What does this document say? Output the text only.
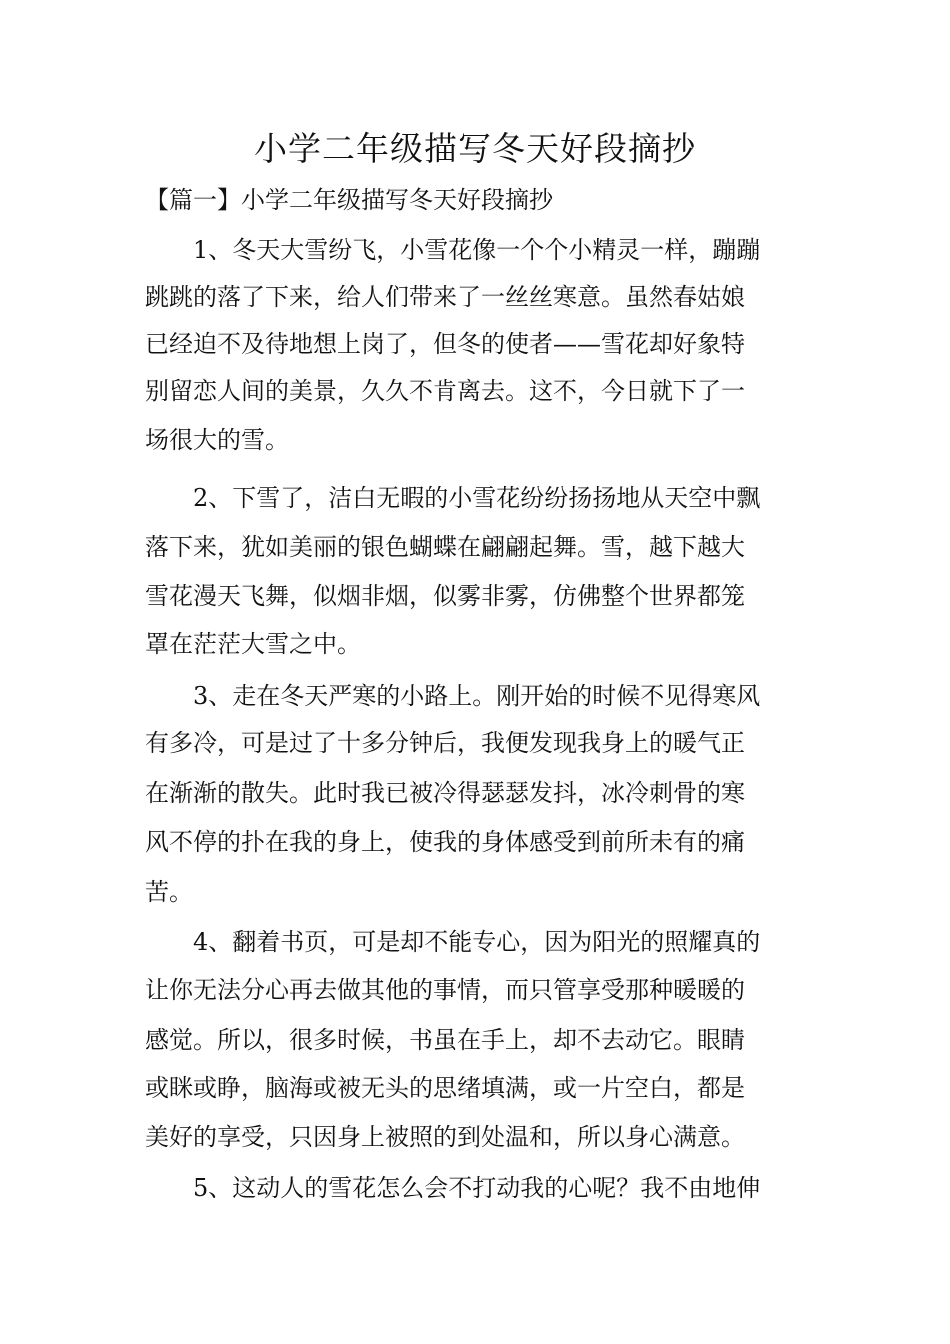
小学二年级描写冬天好段摘抄

【篇一】小学二年级描写冬天好段摘抄

1、冬天大雪纷飞，小雪花像一个个小精灵一样，蹦蹦

跳跳的落了下来，给人们带来了一丝丝寒意。虽然春姑娘

已经迫不及待地想上岗了，但冬的使者——雪花却好象特

别留恋人间的美景，久久不肯离去。这不，今日就下了一

场很大的雪。

2、下雪了，洁白无暇的小雪花纷纷扬扬地从天空中飘

落下来，犹如美丽的银色蝴蝶在翩翩起舞。雪，越下越大

雪花漫天飞舞，似烟非烟，似雾非雾，仿佛整个世界都笼

罩在茫茫大雪之中。

3、走在冬天严寒的小路上。刚开始的时候不见得寒风

有多冷，可是过了十多分钟后，我便发现我身上的暖气正

在渐渐的散失。此时我已被冷得瑟瑟发抖，冰冷刺骨的寒

风不停的扑在我的身上，使我的身体感受到前所未有的痛

苦。

4、翻着书页，可是却不能专心，因为阳光的照耀真的

让你无法分心再去做其他的事情，而只管享受那种暖暖的

感觉。所以，很多时候，书虽在手上，却不去动它。眼睛

或眯或睁，脑海或被无头的思绪填满，或一片空白，都是

美好的享受，只因身上被照的到处温和，所以身心满意。

5、这动人的雪花怎么会不打动我的心呢？我不由地伸
